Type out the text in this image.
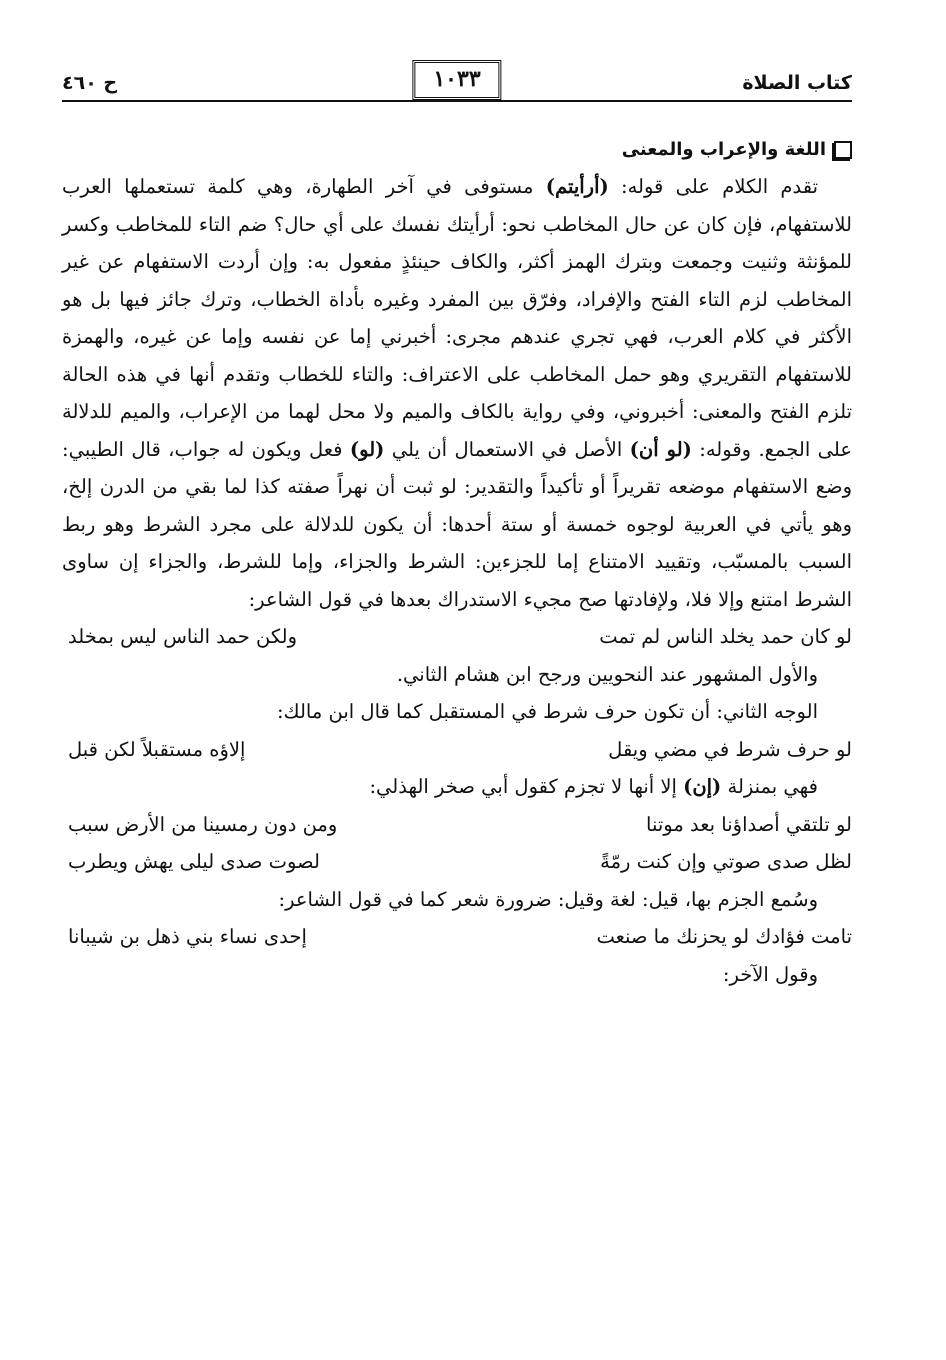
كتاب الصلاة
١٠٣٣
ح ٤٦٠
اللغة والإعراب والمعنى

تقدم الكلام على قوله: (أرأيتم) مستوفى في آخر الطهارة، وهي كلمة تستعملها العرب للاستفهام، فإن كان عن حال المخاطب نحو: أرأيتك نفسك على أي حال؟ ضم التاء للمخاطب وكسر للمؤنثة وثنيت وجمعت وبترك الهمز أكثر، والكاف حينئذٍ مفعول به: وإن أردت الاستفهام عن غير المخاطب لزم التاء الفتح والإفراد، وفرّق بين المفرد وغيره بأداة الخطاب، وترك جائز فيها بل هو الأكثر في كلام العرب، فهي تجري عندهم مجرى: أخبرني إما عن نفسه وإما عن غيره، والهمزة للاستفهام التقريري وهو حمل المخاطب على الاعتراف: والتاء للخطاب وتقدم أنها في هذه الحالة تلزم الفتح والمعنى: أخبروني، وفي رواية بالكاف والميم ولا محل لهما من الإعراب، والميم للدلالة على الجمع. وقوله: (لو أن) الأصل في الاستعمال أن يلي (لو) فعل ويكون له جواب، قال الطيبي: وضع الاستفهام موضعه تقريراً أو تأكيداً والتقدير: لو ثبت أن نهراً صفته كذا لما بقي من الدرن إلخ، وهو يأتي في العربية لوجوه خمسة أو ستة أحدها: أن يكون للدلالة على مجرد الشرط وهو ربط السبب بالمسبّب، وتقييد الامتناع إما للجزءين: الشرط والجزاء، وإما للشرط، والجزاء إن ساوى الشرط امتنع وإلا فلا، ولإفادتها صح مجيء الاستدراك بعدها في قول الشاعر:

لو كان حمد يخلد الناس لم تمت
ولكن حمد الناس ليس بمخلد
والأول المشهور عند النحويين ورجح ابن هشام الثاني.
الوجه الثاني: أن تكون حرف شرط في المستقبل كما قال ابن مالك:
لو حرف شرط في مضي ويقل
إلاؤه مستقبلاً لكن قبل
فهي بمنزلة (إن) إلا أنها لا تجزم كقول أبي صخر الهذلي:
لو تلتقي أصداؤنا بعد موتنا
ومن دون رمسينا من الأرض سبب
لظل صدى صوتي وإن كنت رمّةً
لصوت صدى ليلى يهش ويطرب
وسُمع الجزم بها، قيل: لغة وقيل: ضرورة شعر كما في قول الشاعر:
تامت فؤادك لو يحزنك ما صنعت
إحدى نساء بني ذهل بن شيبانا
وقول الآخر:
